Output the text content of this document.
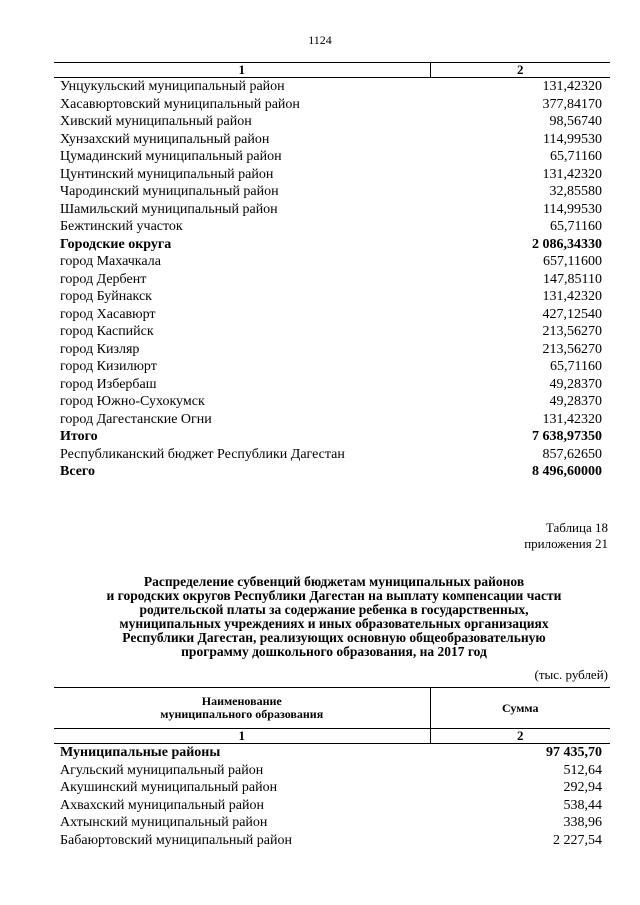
1124
1	2
Унцукульский муниципальный район	131,42320
Хасавюртовский муниципальный район	377,84170
Хивский муниципальный район	98,56740
Хунзахский муниципальный район	114,99530
Цумадинский муниципальный район	65,71160
Цунтинский муниципальный район	131,42320
Чародинский муниципальный район	32,85580
Шамильский муниципальный район	114,99530
Бежтинский участок	65,71160
Городские округа	2 086,34330
город Махачкала	657,11600
город Дербент	147,85110
город Буйнакск	131,42320
город Хасавюрт	427,12540
город Каспийск	213,56270
город Кизляр	213,56270
город Кизилюрт	65,71160
город Избербаш	49,28370
город Южно-Сухокумск	49,28370
город Дагестанские Огни	131,42320
Итого	7 638,97350
Республиканский бюджет Республики Дагестан	857,62650
Всего	8 496,60000
Таблица 18
приложения 21
Распределение субвенций бюджетам муниципальных районов
и городских округов Республики Дагестан на выплату компенсации части
родительской платы за содержание ребенка в государственных,
муниципальных учреждениях и иных образовательных организациях
Республики Дагестан, реализующих основную общеобразовательную
программу дошкольного образования, на 2017 год
(тыс. рублей)
Наименование
муниципального образования	Сумма
1	2
Муниципальные районы	97 435,70
Агульский муниципальный район	512,64
Акушинский муниципальный район	292,94
Ахвахский муниципальный район	538,44
Ахтынский муниципальный район	338,96
Бабаюртовский муниципальный район	2 227,54
